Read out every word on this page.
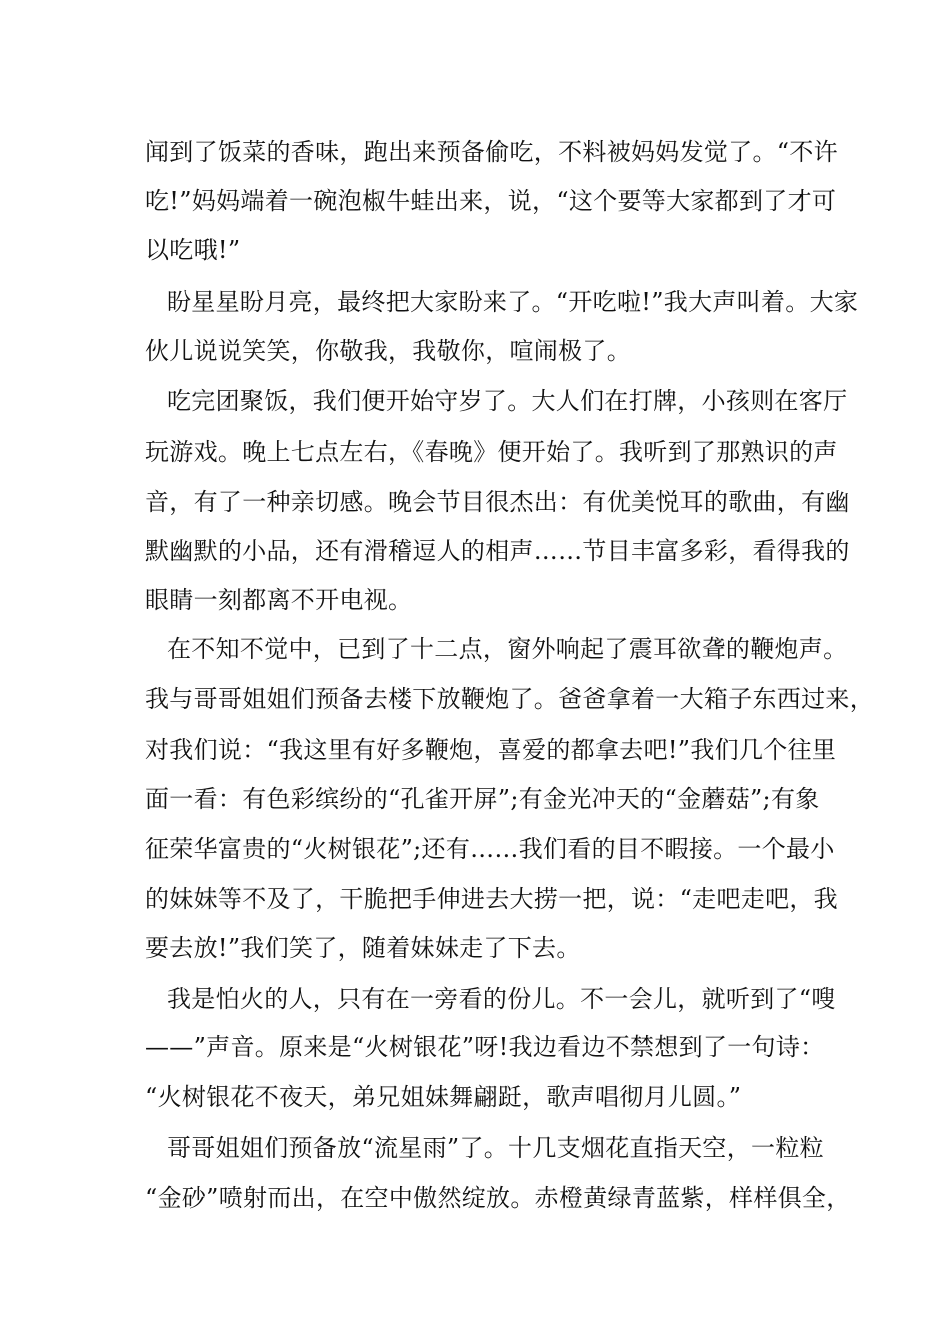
闻到了饭菜的香味，跑出来预备偷吃，不料被妈妈发觉了。“不许
吃!”妈妈端着一碗泡椒牛蛙出来，说，“这个要等大家都到了才可
以吃哦!”
盼星星盼月亮，最终把大家盼来了。“开吃啦!”我大声叫着。大家
伙儿说说笑笑，你敬我，我敬你，喧闹极了。
吃完团聚饭，我们便开始守岁了。大人们在打牌，小孩则在客厅
玩游戏。晚上七点左右，《春晚》便开始了。我听到了那熟识的声
音，有了一种亲切感。晚会节目很杰出：有优美悦耳的歌曲，有幽
默幽默的小品，还有滑稽逗人的相声……节目丰富多彩，看得我的
眼睛一刻都离不开电视。
在不知不觉中，已到了十二点，窗外响起了震耳欲聋的鞭炮声。
我与哥哥姐姐们预备去楼下放鞭炮了。爸爸拿着一大箱子东西过来，
对我们说：“我这里有好多鞭炮，喜爱的都拿去吧!”我们几个往里
面一看：有色彩缤纷的“孔雀开屏”;有金光冲天的“金蘑菇”;有象
征荣华富贵的“火树银花”;还有……我们看的目不暇接。一个最小
的妹妹等不及了，干脆把手伸进去大捞一把，说：“走吧走吧，我
要去放!”我们笑了，随着妹妹走了下去。
我是怕火的人，只有在一旁看的份儿。不一会儿，就听到了“嗖
——”声音。原来是“火树银花”呀!我边看边不禁想到了一句诗：
“火树银花不夜天，弟兄姐妹舞翩跹，歌声唱彻月儿圆。”
哥哥姐姐们预备放“流星雨”了。十几支烟花直指天空，一粒粒
“金砂”喷射而出，在空中傲然绽放。赤橙黄绿青蓝紫，样样俱全，
